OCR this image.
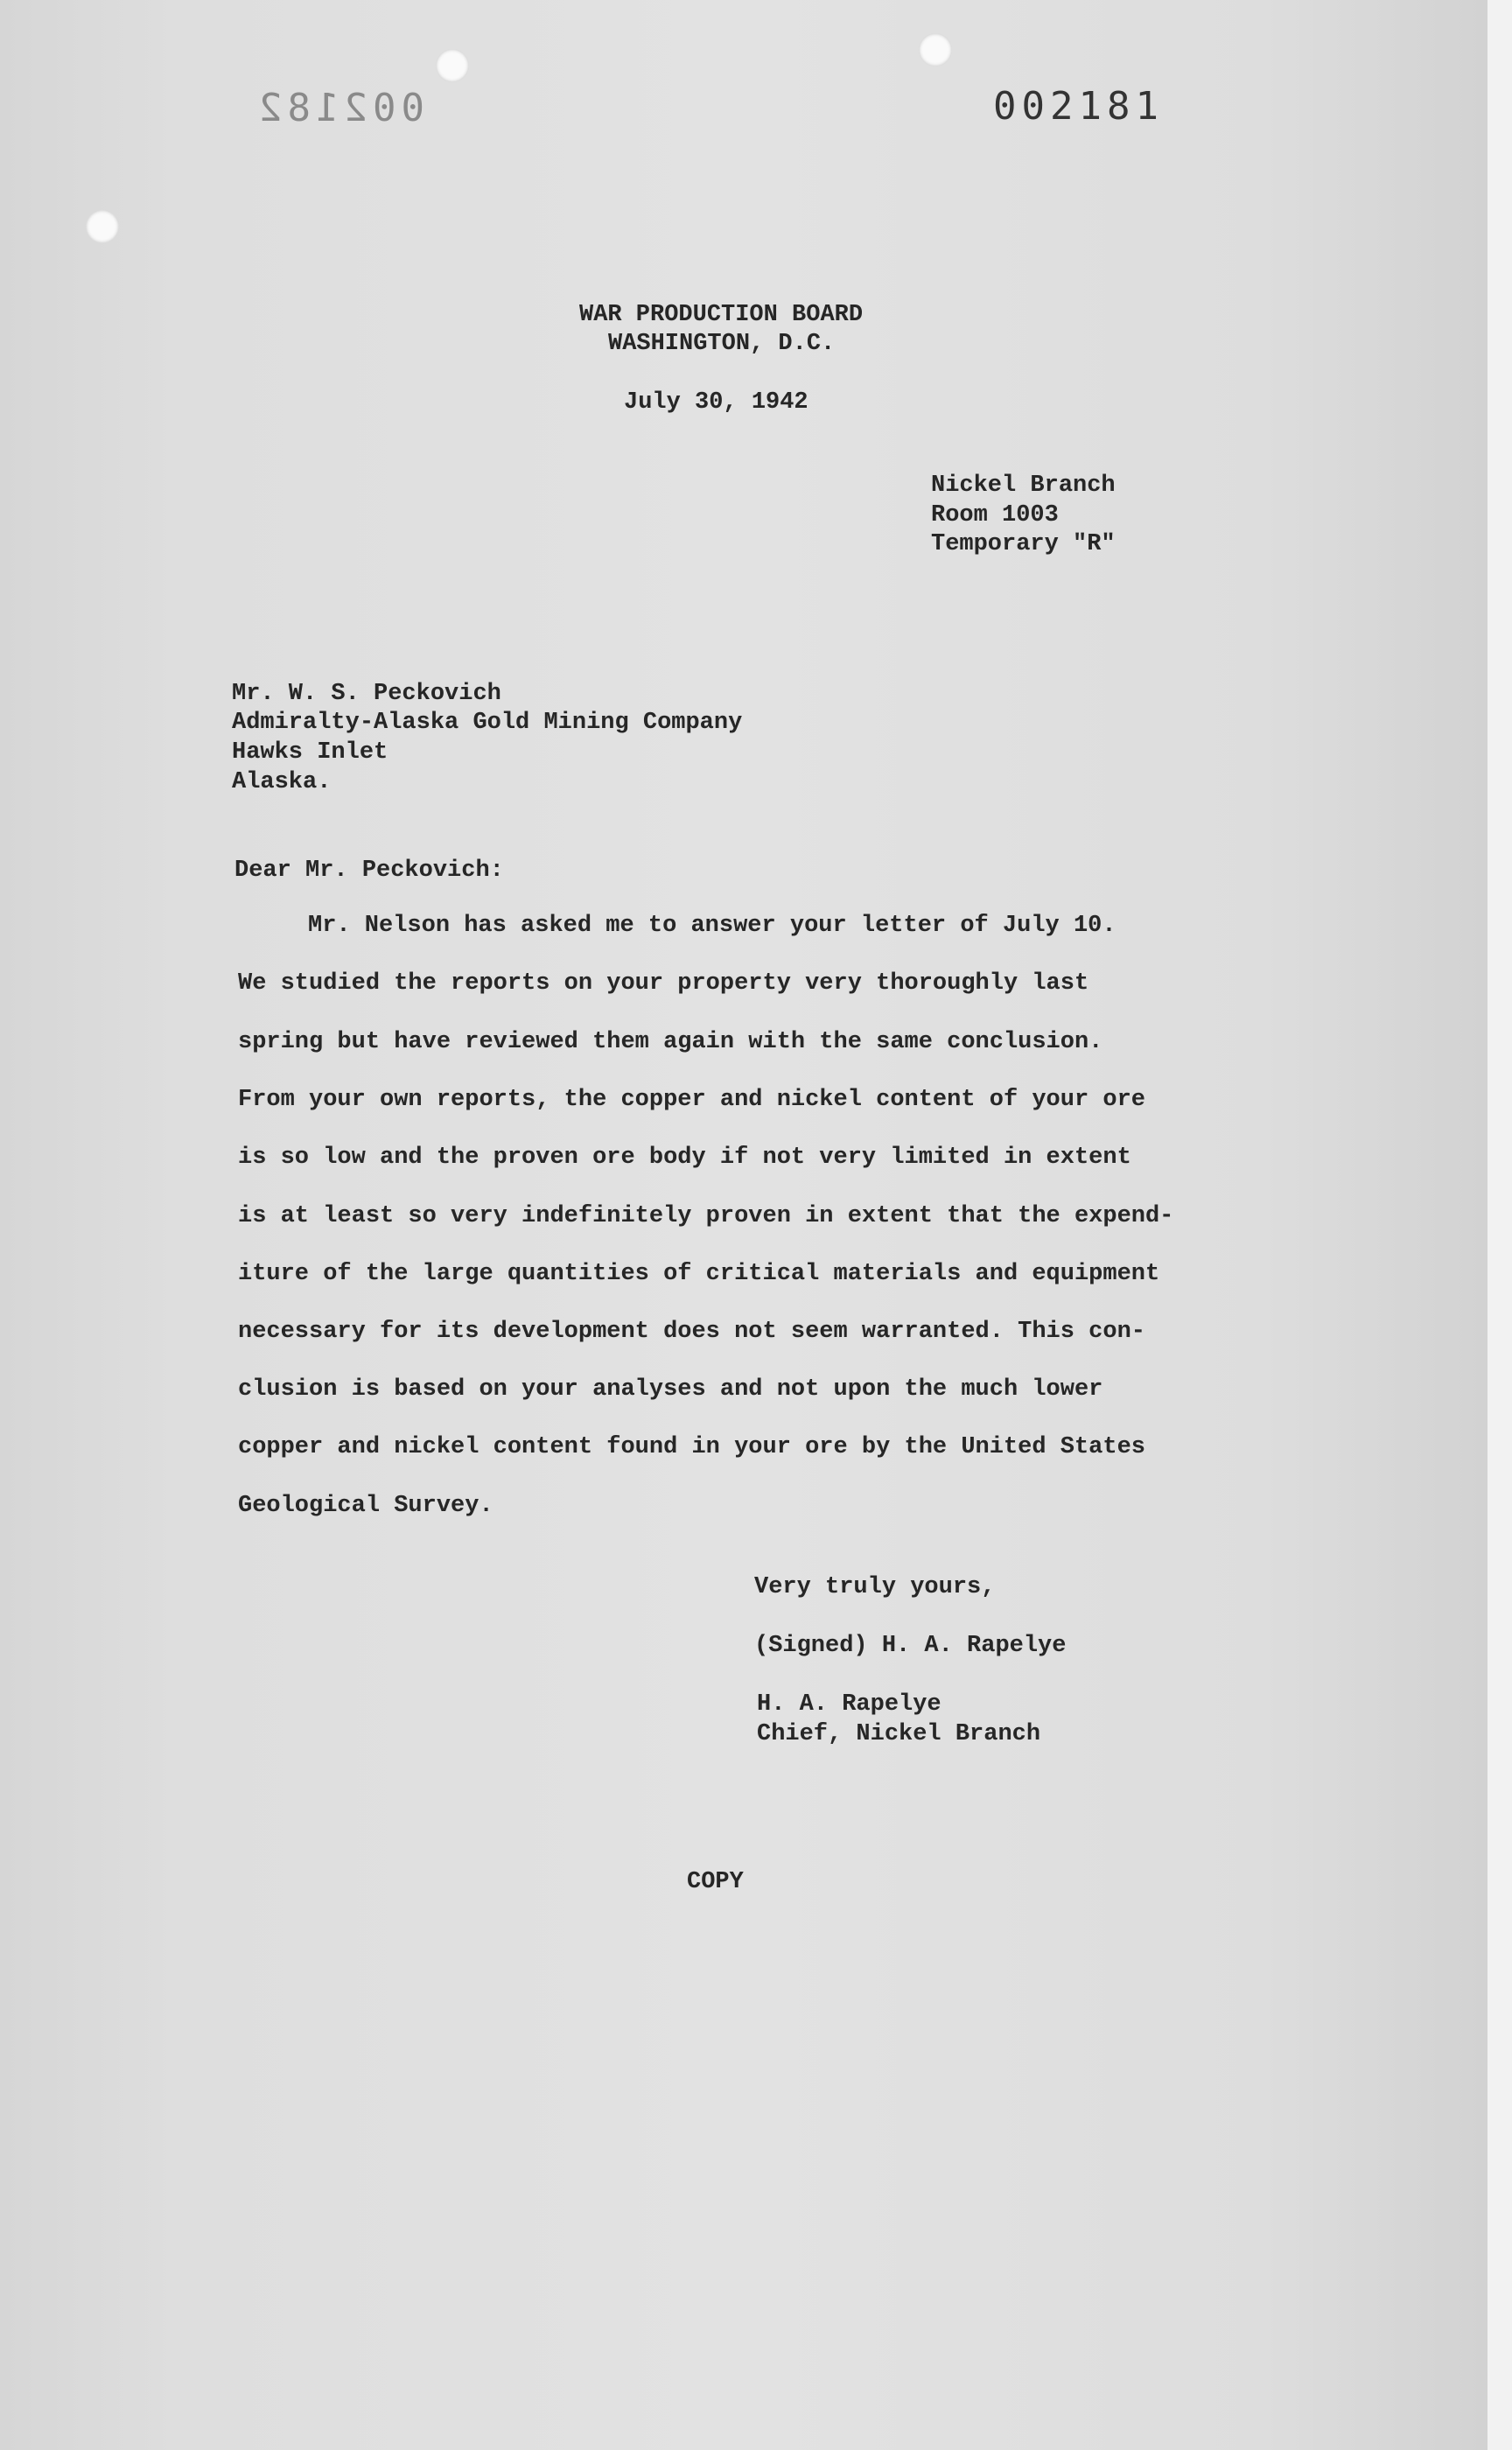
002182	002181
WAR PRODUCTION BOARD
WASHINGTON, D.C.
July 30, 1942
Nickel Branch
Room 1003
Temporary "R"
Mr. W. S. Peckovich
Admiralty-Alaska Gold Mining Company
Hawks Inlet
Alaska.
Dear Mr. Peckovich:
Mr. Nelson has asked me to answer your letter of July 10.
We studied the reports on your property very thoroughly last
spring but have reviewed them again with the same conclusion.
From your own reports, the copper and nickel content of your ore
is so low and the proven ore body if not very limited in extent
is at least so very indefinitely proven in extent that the expend-
iture of the large quantities of critical materials and equipment
necessary for its development does not seem warranted. This con-
clusion is based on your analyses and not upon the much lower
copper and nickel content found in your ore by the United States
Geological Survey.
Very truly yours,
(Signed) H. A. Rapelye
H. A. Rapelye
Chief, Nickel Branch
COPY
